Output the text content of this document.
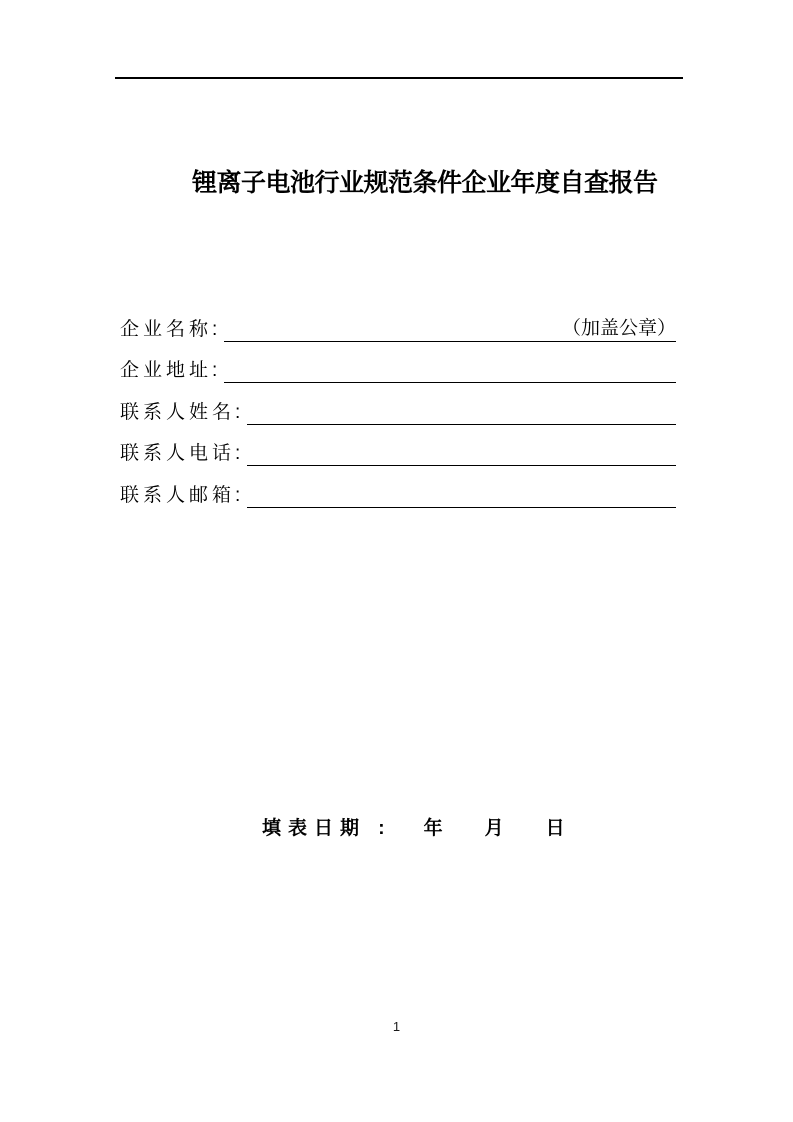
锂离子电池行业规范条件企业年度自查报告
企业名称:	（加盖公章）
企业地址:
联系人姓名:
联系人电话:
联系人邮箱:
填表日期 : 年 月 日
1
